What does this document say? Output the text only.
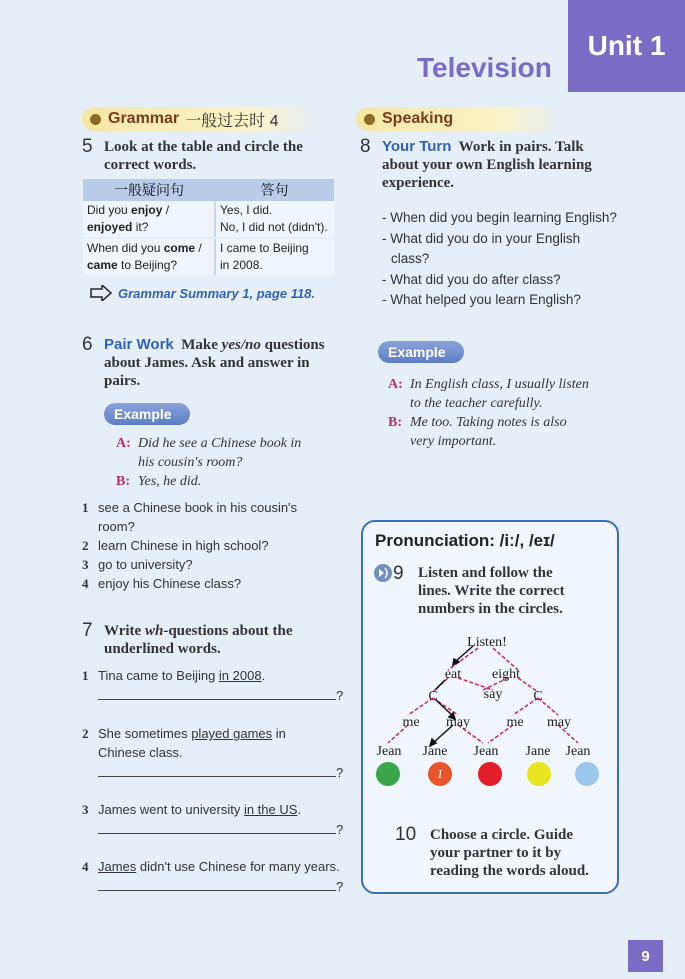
Unit 1
Television
Grammar 一般过去时 4
5 Look at the table and circle the
correct words.
一般疑问句	答句
Did you enjoy /
enjoyed it?	Yes, I did.
No, I did not (didn't).
When did you come /
came to Beijing?	I came to Beijing
in 2008.
Grammar Summary 1, page 118.
6 Pair Work Make yes/no questions
about James. Ask and answer in
pairs.
Example
A: Did he see a Chinese book in
his cousin's room?
B: Yes, he did.
1 see a Chinese book in his cousin's
room?
2 learn Chinese in high school?
3 go to university?
4 enjoy his Chinese class?
7 Write wh-questions about the
underlined words.
1 Tina came to Beijing in 2008.
?
2 She sometimes played games in
Chinese class.
?
3 James went to university in the US.
?
4 James didn't use Chinese for many years.
?
Speaking
8 Your Turn Work in pairs. Talk
about your own English learning
experience.
- When did you begin learning English?
- What did you do in your English
class?
- What did you do after class?
- What helped you learn English?
Example
A: In English class, I usually listen
to the teacher carefully.
B: Me too. Taking notes is also
very important.
Pronunciation: /iː/, /eɪ/
9 Listen and follow the
lines. Write the correct
numbers in the circles.
Listen!
eat eight
C	say C
me may	me may
Jean Jane Jean Jane Jean
1
10 Choose a circle. Guide
your partner to it by
reading the words aloud.
9
